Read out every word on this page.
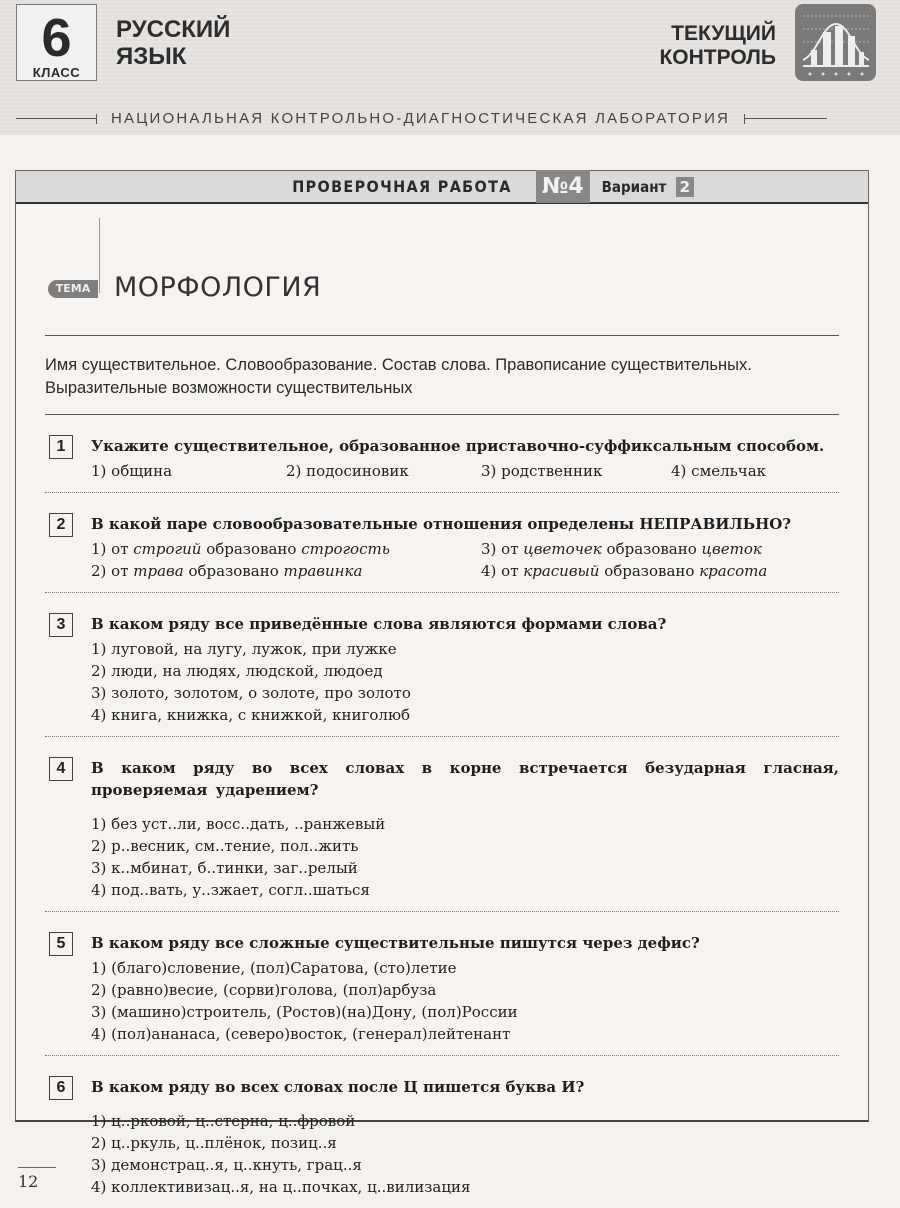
6
КЛАСС
РУССКИЙ
ЯЗЫК
ТЕКУЩИЙ
КОНТРОЛЬ
НАЦИОНАЛЬНАЯ КОНТРОЛЬНО-ДИАГНОСТИЧЕСКАЯ ЛАБОРАТОРИЯ
ПРОВЕРОЧНАЯ РАБОТА №4	Вариант 2
ТЕМА МОРФОЛОГИЯ
Имя существительное. Словообразование. Состав слова. Правописание существительных. Выразительные возможности существительных
1	Укажите существительное, образованное приставочно-суффиксальным способом.
1) община	2) подосиновик	3) родственник	4) смельчак
2	В какой паре словообразовательные отношения определены НЕПРАВИЛЬНО?
1) от строгий образовано строгость	3) от цветочек образовано цветок
2) от трава образовано травинка	4) от красивый образовано красота
3	В каком ряду все приведённые слова являются формами слова?
1) луговой, на лугу, лужок, при лужке
2) люди, на людях, людской, людоед
3) золото, золотом, о золоте, про золото
4) книга, книжка, с книжкой, книголюб
4	В каком ряду во всех словах в корне встречается безударная гласная, проверяемая ударением?
1) без уст..ли, восс..дать, ..ранжевый
2) р..весник, см..тение, пол..жить
3) к..мбинат, б..тинки, заг..релый
4) под..вать, у..зжает, согл..шаться
5	В каком ряду все сложные существительные пишутся через дефис?
1) (благо)словение, (пол)Саратова, (сто)летие
2) (равно)весие, (сорви)голова, (пол)арбуза
3) (машино)строитель, (Ростов)(на)Дону, (пол)России
4) (пол)ананаса, (северо)восток, (генерал)лейтенант
6	В каком ряду во всех словах после Ц пишется буква И?
1) ц..рковой, ц..стерна, ц..фровой
2) ц..ркуль, ц..плёнок, позиц..я
3) демонстрац..я, ц..кнуть, грац..я
4) коллективизац..я, на ц..почках, ц..вилизация
12
